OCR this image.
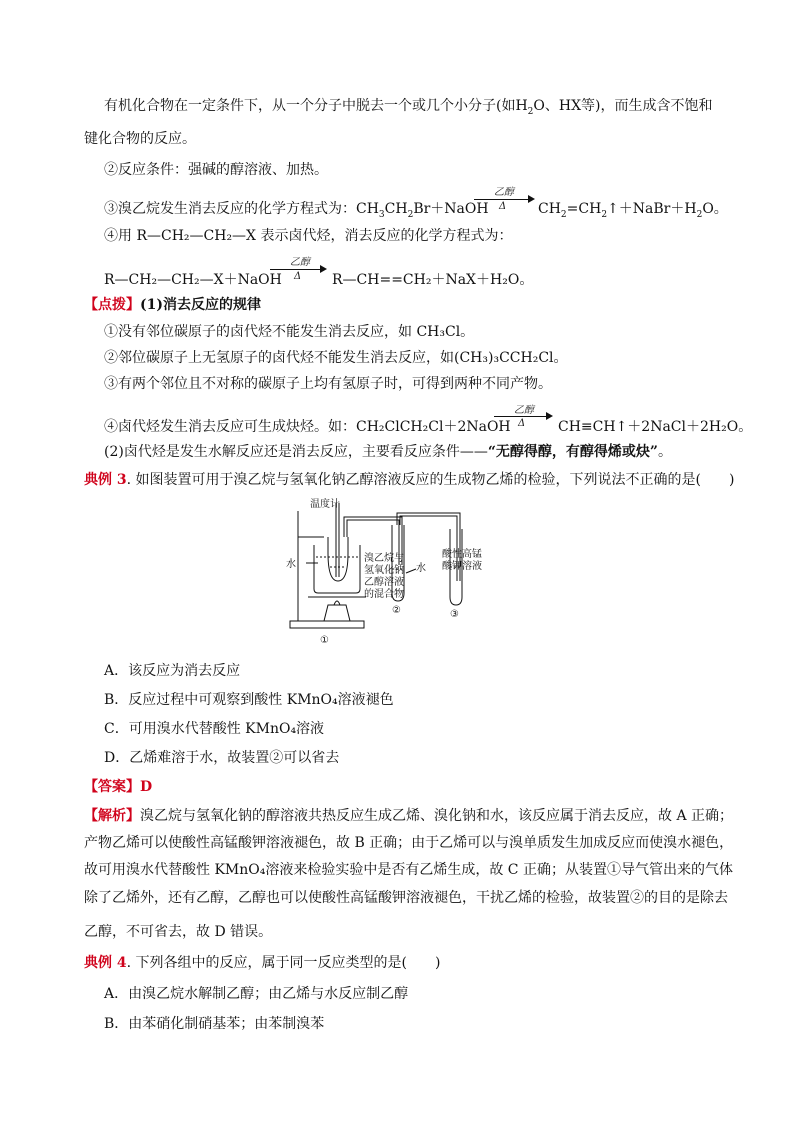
有机化合物在一定条件下，从一个分子中脱去一个或几个小分子(如$H_2O$、HX等)，而生成含不饱和
键化合物的反应。
②反应条件：强碱的醇溶液、加热。
③溴乙烷发生消去反应的化学方程式为：$CH_3CH_2Br+NaOH$
乙醇
Δ $CH_2=CH_2↑+NaBr+H_2O$。
④用 R—CH₂—CH₂—X 表示卤代烃，消去反应的化学方程式为：
R—CH₂—CH₂—X＋NaOH
乙醇
Δ R—CH==CH₂＋NaX＋H₂O。
【点拨】(1)消去反应的规律
①没有邻位碳原子的卤代烃不能发生消去反应，如 CH₃Cl。
②邻位碳原子上无氢原子的卤代烃不能发生消去反应，如(CH₃)₃CCH₂Cl。
③有两个邻位且不对称的碳原子上均有氢原子时，可得到两种不同产物。
④卤代烃发生消去反应可生成炔烃。如：CH₂ClCH₂Cl＋2NaOH
乙醇
Δ CH≡CH↑＋2NaCl＋2H₂O。
(2)卤代烃是发生水解反应还是消去反应，主要看反应条件——“无醇得醇，有醇得烯或炔”。
典例 3. 如图装置可用于溴乙烷与氢氧化钠乙醇溶液反应的生成物乙烯的检验，下列说法不正确的是(　　)
温度计
水
溴乙烷与
氢氧化钠
乙醇溶液
的混合物
水
酸性高锰
酸钾溶液
①
②	③
A．该反应为消去反应
B．反应过程中可观察到酸性 KMnO₄溶液褪色
C．可用溴水代替酸性 KMnO₄溶液
D．乙烯难溶于水，故装置②可以省去
【答案】D
【解析】溴乙烷与氢氧化钠的醇溶液共热反应生成乙烯、溴化钠和水，该反应属于消去反应，故 A 正确；
产物乙烯可以使酸性高锰酸钾溶液褪色，故 B 正确；由于乙烯可以与溴单质发生加成反应而使溴水褪色，
故可用溴水代替酸性 KMnO₄溶液来检验实验中是否有乙烯生成，故 C 正确；从装置①导气管出来的气体
除了乙烯外，还有乙醇，乙醇也可以使酸性高锰酸钾溶液褪色，干扰乙烯的检验，故装置②的目的是除去
乙醇，不可省去，故 D 错误。
典例 4. 下列各组中的反应，属于同一反应类型的是(　　)
A．由溴乙烷水解制乙醇；由乙烯与水反应制乙醇
B．由苯硝化制硝基苯；由苯制溴苯
